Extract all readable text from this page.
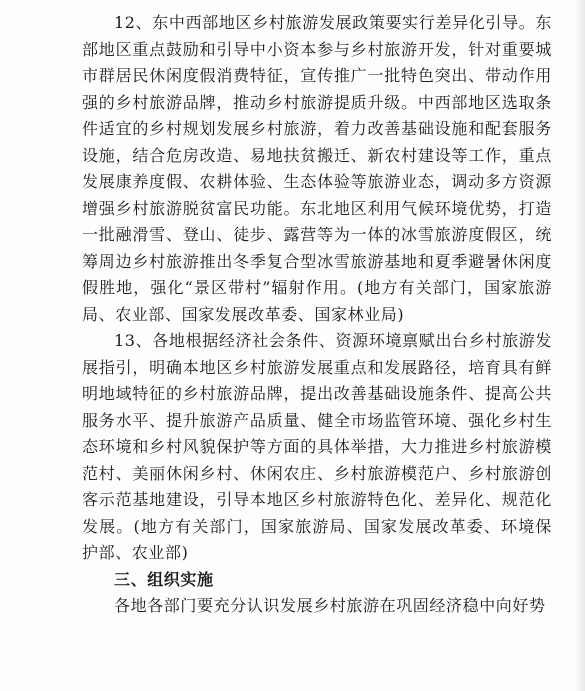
12、东中西部地区乡村旅游发展政策要实行差异化引导。东部地区重点鼓励和引导中小资本参与乡村旅游开发，针对重要城市群居民休闲度假消费特征，宣传推广一批特色突出、带动作用强的乡村旅游品牌，推动乡村旅游提质升级。中西部地区选取条件适宜的乡村规划发展乡村旅游，着力改善基础设施和配套服务设施，结合危房改造、易地扶贫搬迁、新农村建设等工作，重点发展康养度假、农耕体验、生态体验等旅游业态，调动多方资源增强乡村旅游脱贫富民功能。东北地区利用气候环境优势，打造一批融滑雪、登山、徒步、露营等为一体的冰雪旅游度假区，统筹周边乡村旅游推出冬季复合型冰雪旅游基地和夏季避暑休闲度假胜地，强化“景区带村”辐射作用。(地方有关部门，国家旅游局、农业部、国家发展改革委、国家林业局)

13、各地根据经济社会条件、资源环境禀赋出台乡村旅游发展指引，明确本地区乡村旅游发展重点和发展路径，培育具有鲜明地域特征的乡村旅游品牌，提出改善基础设施条件、提高公共服务水平、提升旅游产品质量、健全市场监管环境、强化乡村生态环境和乡村风貌保护等方面的具体举措，大力推进乡村旅游模范村、美丽休闲乡村、休闲农庄、乡村旅游模范户、乡村旅游创客示范基地建设，引导本地区乡村旅游特色化、差异化、规范化发展。(地方有关部门，国家旅游局、国家发展改革委、环境保护部、农业部)

三、组织实施

各地各部门要充分认识发展乡村旅游在巩固经济稳中向好势
